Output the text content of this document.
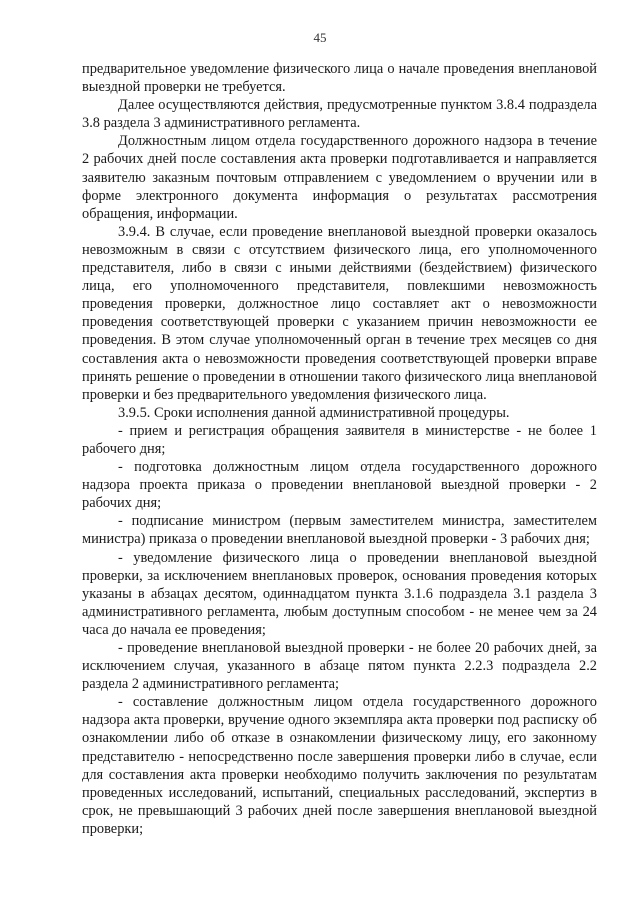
45

предварительное уведомление физического лица о начале проведения внеплановой выездной проверки не требуется.

Далее осуществляются действия, предусмотренные пунктом 3.8.4 подраздела 3.8 раздела 3 административного регламента.

Должностным лицом отдела государственного дорожного надзора в течение 2 рабочих дней после составления акта проверки подготавливается и направляется заявителю заказным почтовым отправлением с уведомлением о вручении или в форме электронного документа информация о результатах рассмотрения обращения, информации.

3.9.4. В случае, если проведение внеплановой выездной проверки оказалось невозможным в связи с отсутствием физического лица, его уполномоченного представителя, либо в связи с иными действиями (бездействием) физического лица, его уполномоченного представителя, повлекшими невозможность проведения проверки, должностное лицо составляет акт о невозможности проведения соответствующей проверки с указанием причин невозможности ее проведения. В этом случае уполномоченный орган в течение трех месяцев со дня составления акта о невозможности проведения соответствующей проверки вправе принять решение о проведении в отношении такого физического лица внеплановой проверки и без предварительного уведомления физического лица.

3.9.5. Сроки исполнения данной административной процедуры.

- прием и регистрация обращения заявителя в министерстве - не более 1 рабочего дня;

- подготовка должностным лицом отдела государственного дорожного надзора проекта приказа о проведении внеплановой выездной проверки - 2 рабочих дня;

- подписание министром (первым заместителем министра, заместителем министра) приказа о проведении внеплановой выездной проверки - 3 рабочих дня;

- уведомление физического лица о проведении внеплановой выездной проверки, за исключением внеплановых проверок, основания проведения которых указаны в абзацах десятом, одиннадцатом пункта 3.1.6 подраздела 3.1 раздела 3 административного регламента, любым доступным способом - не менее чем за 24 часа до начала ее проведения;

- проведение внеплановой выездной проверки - не более 20 рабочих дней, за исключением случая, указанного в абзаце пятом пункта 2.2.3 подраздела 2.2 раздела 2 административного регламента;

- составление должностным лицом отдела государственного дорожного надзора акта проверки, вручение одного экземпляра акта проверки под расписку об ознакомлении либо об отказе в ознакомлении физическому лицу, его законному представителю - непосредственно после завершения проверки либо в случае, если для составления акта проверки необходимо получить заключения по результатам проведенных исследований, испытаний, специальных расследований, экспертиз в срок, не превышающий 3 рабочих дней после завершения внеплановой выездной проверки;
